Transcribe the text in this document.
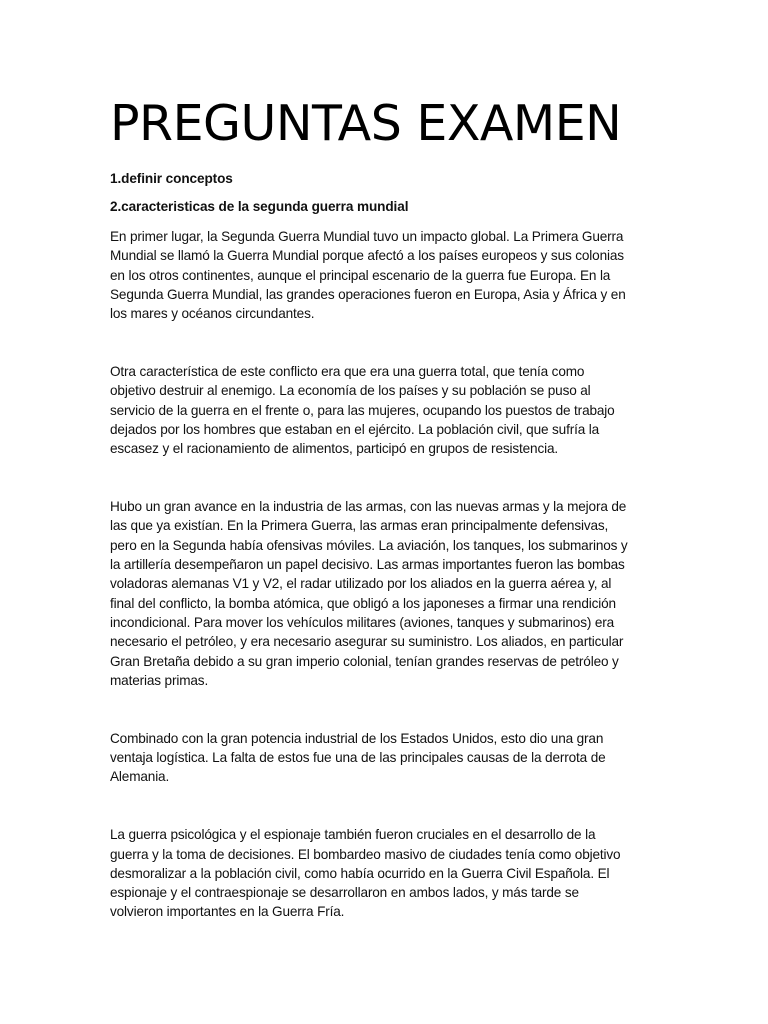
PREGUNTAS EXAMEN

1.definir conceptos

2.caracteristicas de la segunda guerra mundial

En primer lugar, la Segunda Guerra Mundial tuvo un impacto global. La Primera Guerra
Mundial se llamó la Guerra Mundial porque afectó a los países europeos y sus colonias
en los otros continentes, aunque el principal escenario de la guerra fue Europa. En la
Segunda Guerra Mundial, las grandes operaciones fueron en Europa, Asia y África y en
los mares y océanos circundantes.

Otra característica de este conflicto era que era una guerra total, que tenía como
objetivo destruir al enemigo. La economía de los países y su población se puso al
servicio de la guerra en el frente o, para las mujeres, ocupando los puestos de trabajo
dejados por los hombres que estaban en el ejército. La población civil, que sufría la
escasez y el racionamiento de alimentos, participó en grupos de resistencia.

Hubo un gran avance en la industria de las armas, con las nuevas armas y la mejora de
las que ya existían. En la Primera Guerra, las armas eran principalmente defensivas,
pero en la Segunda había ofensivas móviles. La aviación, los tanques, los submarinos y
la artillería desempeñaron un papel decisivo. Las armas importantes fueron las bombas
voladoras alemanas V1 y V2, el radar utilizado por los aliados en la guerra aérea y, al
final del conflicto, la bomba atómica, que obligó a los japoneses a firmar una rendición
incondicional. Para mover los vehículos militares (aviones, tanques y submarinos) era
necesario el petróleo, y era necesario asegurar su suministro. Los aliados, en particular
Gran Bretaña debido a su gran imperio colonial, tenían grandes reservas de petróleo y
materias primas.

Combinado con la gran potencia industrial de los Estados Unidos, esto dio una gran
ventaja logística. La falta de estos fue una de las principales causas de la derrota de
Alemania.

La guerra psicológica y el espionaje también fueron cruciales en el desarrollo de la
guerra y la toma de decisiones. El bombardeo masivo de ciudades tenía como objetivo
desmoralizar a la población civil, como había ocurrido en la Guerra Civil Española. El
espionaje y el contraespionaje se desarrollaron en ambos lados, y más tarde se
volvieron importantes en la Guerra Fría.
